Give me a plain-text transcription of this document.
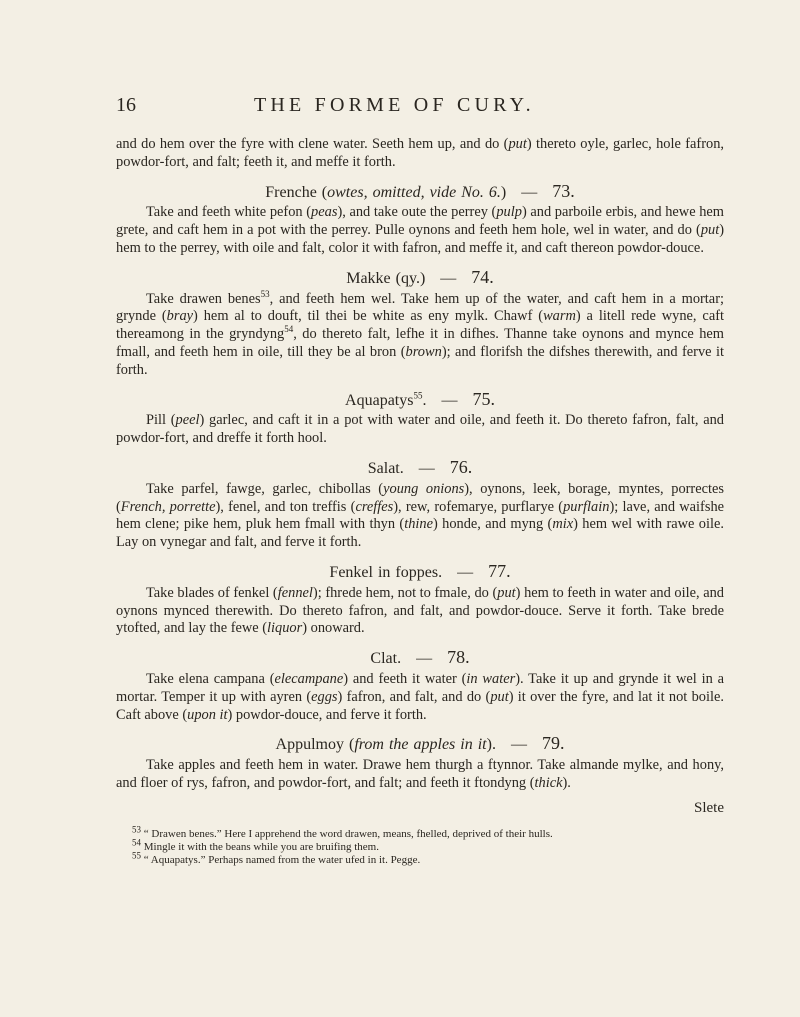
16	THE FORME OF CURY.

and do hem over the fyre with clene water. Seeth hem up, and do (put) thereto oyle, garlec, hole fafron, powdor-fort, and falt; feeth it, and meffe it forth.

Frenche (owtes, omitted, vide No. 6.)   —   73.

Take and feeth white pefon (peas), and take oute the perrey (pulp) and parboile erbis, and hewe hem grete, and caft hem in a pot with the perrey. Pulle oynons and feeth hem hole, wel in water, and do (put) hem to the perrey, with oile and falt, color it with fafron, and meffe it, and caft thereon powdor-douce.

Makke (qy.)   —   74.

Take drawen benes$^{53}$, and feeth hem wel. Take hem up of the water, and caft hem in a mortar; grynde (bray) hem al to douft, til thei be white as eny mylk. Chawf (warm) a litell rede wyne, caft thereamong in the gryndyng$^{54}$, do thereto falt, lefhe it in difhes. Thanne take oynons and mynce hem fmall, and feeth hem in oile, till they be al bron (brown); and florifsh the difshes therewith, and ferve it forth.

Aquapatys$^{55}$.   —   75.

Pill (peel) garlec, and caft it in a pot with water and oile, and feeth it. Do thereto fafron, falt, and powdor-fort, and dreffe it forth hool.

Salat.   —   76.

Take parfel, fawge, garlec, chibollas (young onions), oynons, leek, borage, myntes, porrectes (French, porrette), fenel, and ton treffis (creffes), rew, rofemarye, purflarye (purflain); lave, and waifshe hem clene; pike hem, pluk hem fmall with thyn (thine) honde, and myng (mix) hem wel with rawe oile. Lay on vynegar and falt, and ferve it forth.

Fenkel in foppes.   —   77.

Take blades of fenkel (fennel); fhrede hem, not to fmale, do (put) hem to feeth in water and oile, and oynons mynced therewith. Do thereto fafron, and falt, and powdor-douce. Serve it forth. Take brede ytofted, and lay the fewe (liquor) onoward.

Clat.   —   78.

Take elena campana (elecampane) and feeth it water (in water). Take it up and grynde it wel in a mortar. Temper it up with ayren (eggs) fafron, and falt, and do (put) it over the fyre, and lat it not boile. Caft above (upon it) powdor-douce, and ferve it forth.

Appulmoy (from the apples in it).   —   79.

Take apples and feeth hem in water. Drawe hem thurgh a ftynnor. Take almande mylke, and hony, and floer of rys, fafron, and powdor-fort, and falt; and feeth it ftondyng (thick).

Slete

$^{53}$ “ Drawen benes.” Here I apprehend the word drawen, means, fhelled, deprived of their hulls.

$^{54}$ Mingle it with the beans while you are bruifing them.

$^{55}$ “ Aquapatys.” Perhaps named from the water ufed in it. Pegge.
